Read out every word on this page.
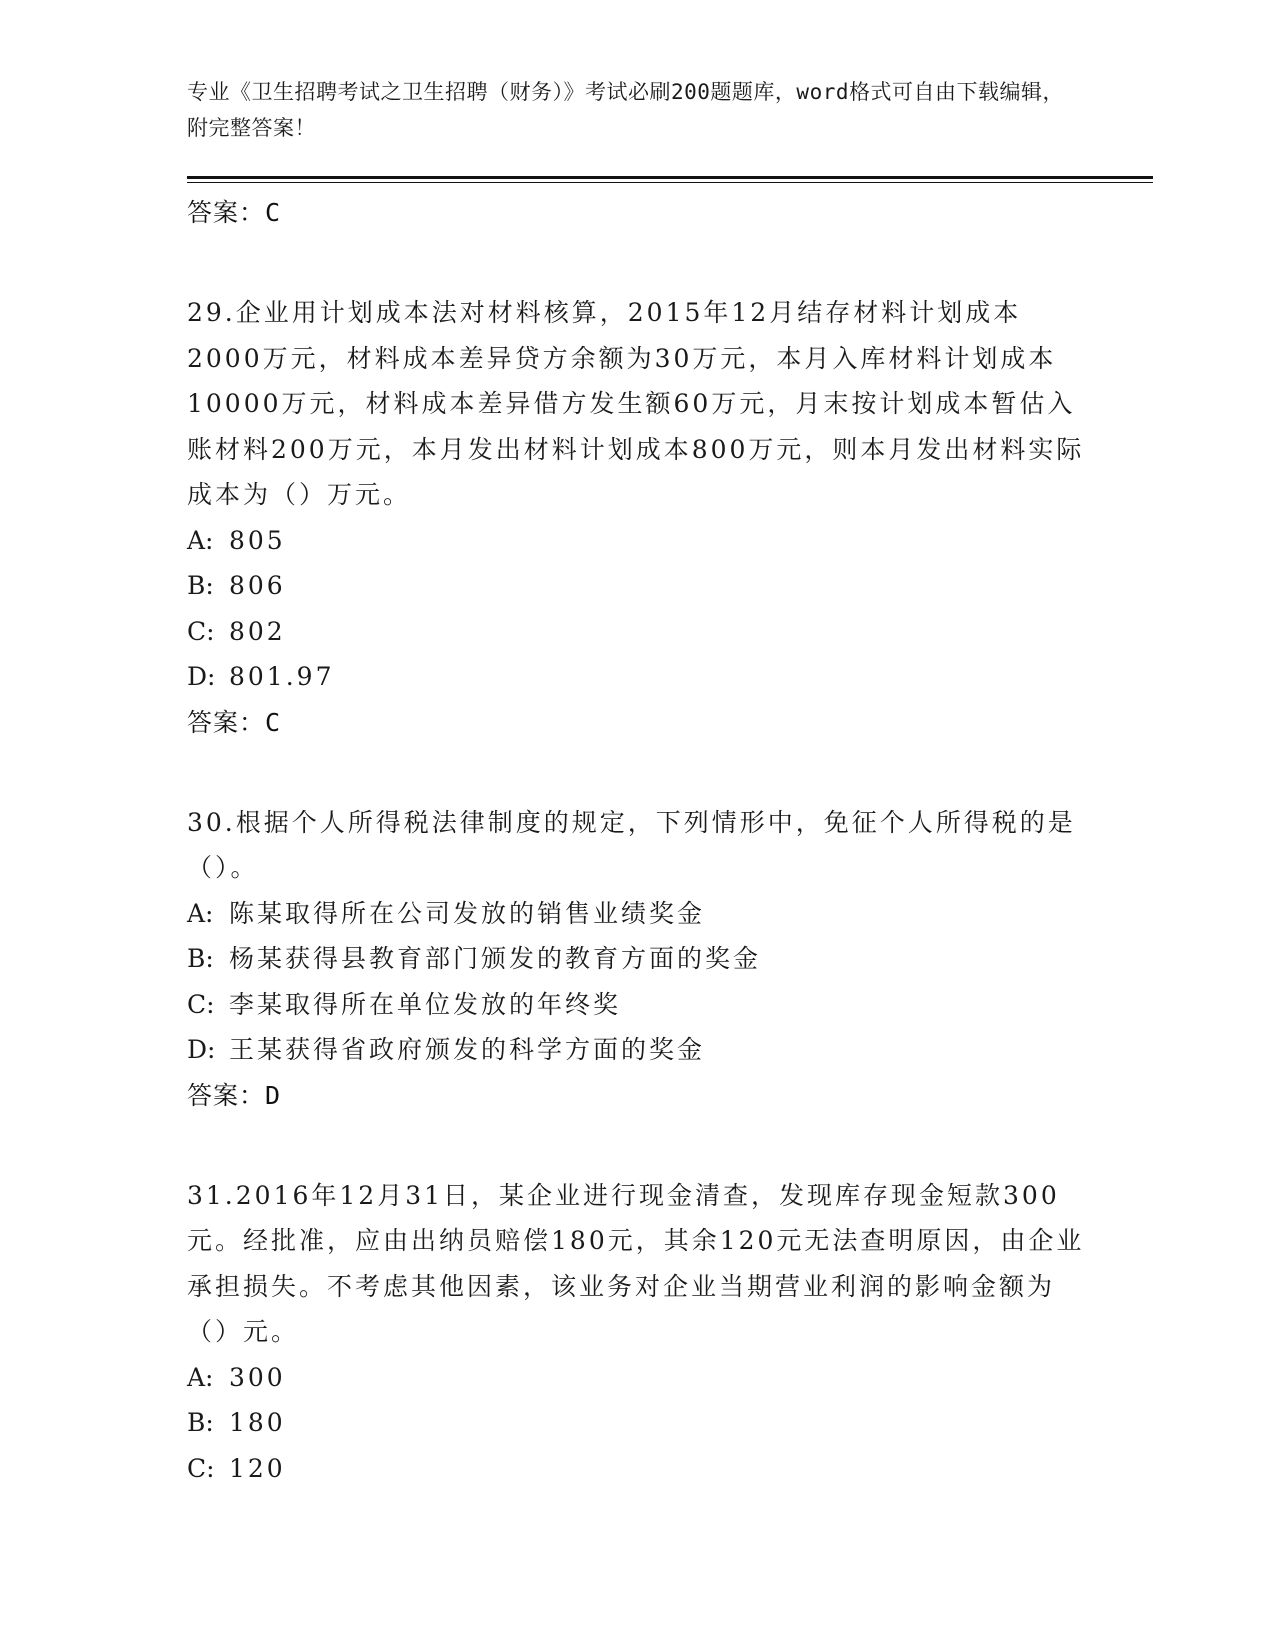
专业《卫生招聘考试之卫生招聘（财务）》考试必刷200题题库，word格式可自由下载编辑，附完整答案！
答案：C
29.企业用计划成本法对材料核算，2015年12月结存材料计划成本2000万元，材料成本差异贷方余额为30万元，本月入库材料计划成本10000万元，材料成本差异借方发生额60万元，月末按计划成本暂估入账材料200万元，本月发出材料计划成本800万元，则本月发出材料实际成本为（）万元。
A: 805
B: 806
C: 802
D: 801.97
答案：C
30.根据个人所得税法律制度的规定，下列情形中，免征个人所得税的是（）。
A: 陈某取得所在公司发放的销售业绩奖金
B: 杨某获得县教育部门颁发的教育方面的奖金
C: 李某取得所在单位发放的年终奖
D: 王某获得省政府颁发的科学方面的奖金
答案：D
31.2016年12月31日，某企业进行现金清查，发现库存现金短款300元。经批准，应由出纳员赔偿180元，其余120元无法查明原因，由企业承担损失。不考虑其他因素，该业务对企业当期营业利润的影响金额为（）元。
A: 300
B: 180
C: 120
